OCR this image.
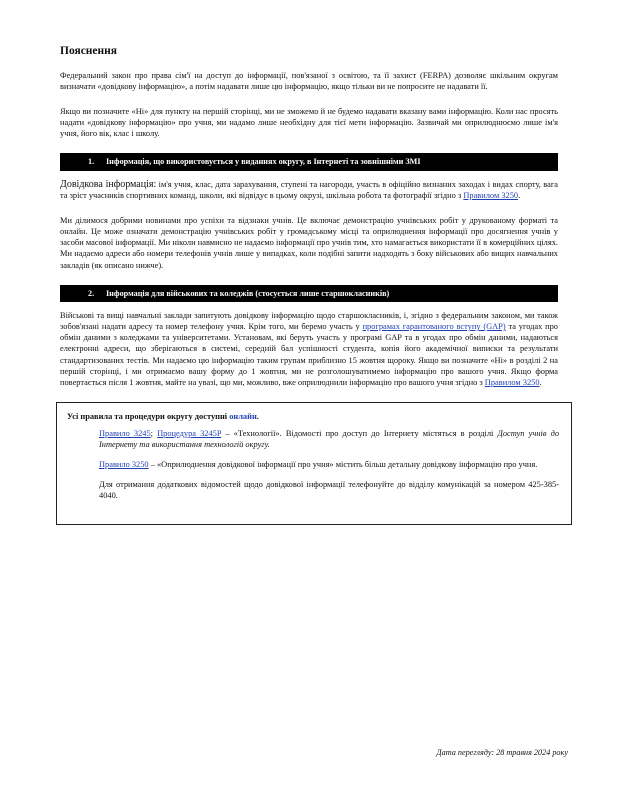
Пояснення

Федеральний закон про права сім'ї на доступ до інформації, пов'язаної з освітою, та її захист (FERPA) дозволяє шкільним округам визначати «довідкову інформацію», а потім надавати лише цю інформацію, якщо тільки ви не попросите не надавати її.

Якщо ви позначите «Ні» для пункту на першій сторінці, ми не зможемо й не будемо надавати вказану вами інформацію. Коли нас просять надати «довідкову інформацію» про учня, ми надамо лише необхідну для тієї мети інформацію. Зазвичай ми оприлюднюємо лише ім'я учня, його вік, клас і школу.

1.	Інформація, що використовується у виданнях округу, в Інтернеті та зовнішніми ЗМІ

Довідкова інформація: ім'я учня, клас, дата зарахування, ступені та нагороди, участь в офіційно визнаних заходах і видах спорту, вага та зріст учасників спортивних команд, школи, які відвідує в цьому окрузі, шкільна робота та фотографії згідно з Правилом 3250.

Ми ділимося добрими новинами про успіхи та відзнаки учнів. Це включає демонстрацію учнівських робіт у друкованому форматі та онлайн. Це може означати демонстрацію учнівських робіт у громадському місці та оприлюднення інформації про досягнення учнів у засоби масової інформації. Ми ніколи навмисно не надаємо інформації про учнів тим, хто намагається використати її в комерційних цілях. Ми надаємо адреси або номери телефонів учнів лише у випадках, коли подібні запити надходять з боку військових або вищих навчальних закладів (як описано нижче).

2.	Інформація для військових та коледжів (стосується лише старшокласників)

Військові та вищі навчальні заклади запитують довідкову інформацію щодо старшокласників, і, згідно з федеральним законом, ми також зобов'язані надати адресу та номер телефону учня. Крім того, ми беремо участь у програмах гарантованого вступу (GAP) та угодах про обмін даними з коледжами та університетами. Установам, які беруть участь у програмі GAP та в угодах про обмін даними, надаються електронні адреси, що зберігаються в системі, середній бал успішності студента, копія його академічної виписки та результати стандартизованих тестів. Ми надаємо цю інформацію таким групам приблизно 15 жовтня щороку. Якщо ви позначите «Ні» в розділі 2 на першій сторінці, і ми отримаємо вашу форму до 1 жовтня, ми не розголошуватимемо інформацію про вашого учня. Якщо форма повертається після 1 жовтня, майте на увазі, що ми, можливо, вже оприлюднили інформацію про вашого учня згідно з Правилом 3250.

Усі правила та процедури округу доступні онлайн.

Правило 3245; Процедура 3245P – «Технології». Відомості про доступ до Інтернету містяться в розділі Доступ учнів до Інтернету та використання технологій округу.
Правило 3250 – «Оприлюднення довідкової інформації про учня» містить більш детальну довідкову інформацію про учня.
Для отримання додаткових відомостей щодо довідкової інформації телефонуйте до відділу комунікацій за номером 425-385-4040.
Дата перегляду: 28 травня 2024 року
